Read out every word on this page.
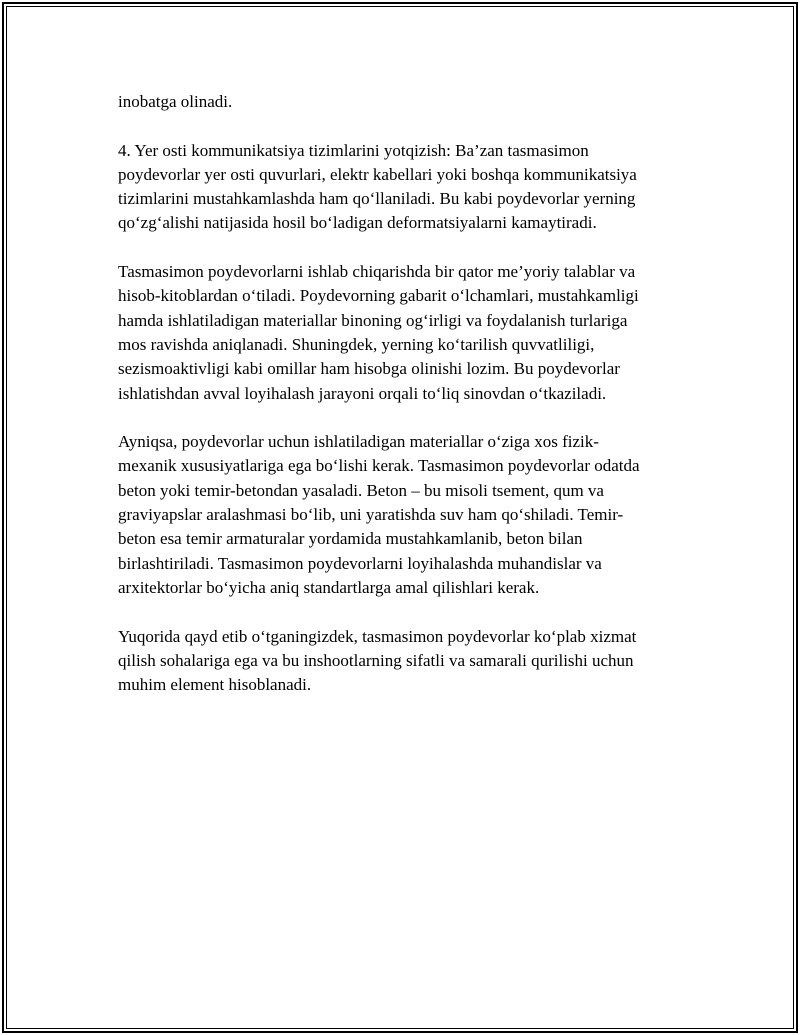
inobatga olinadi.

4. Yer osti kommunikatsiya tizimlarini yotqizish: Ba’zan tasmasimon
poydevorlar yer osti quvurlari, elektr kabellari yoki boshqa kommunikatsiya
tizimlarini mustahkamlashda ham qo‘llaniladi. Bu kabi poydevorlar yerning
qo‘zg‘alishi natijasida hosil bo‘ladigan deformatsiyalarni kamaytiradi.

Tasmasimon poydevorlarni ishlab chiqarishda bir qator me’yoriy talablar va
hisob-kitoblardan o‘tiladi. Poydevorning gabarit o‘lchamlari, mustahkamligi
hamda ishlatiladigan materiallar binoning og‘irligi va foydalanish turlariga
mos ravishda aniqlanadi. Shuningdek, yerning ko‘tarilish quvvatliligi,
sezismoaktivligi kabi omillar ham hisobga olinishi lozim. Bu poydevorlar
ishlatishdan avval loyihalash jarayoni orqali to‘liq sinovdan o‘tkaziladi.

Ayniqsa, poydevorlar uchun ishlatiladigan materiallar o‘ziga xos fizik-
mexanik xususiyatlariga ega bo‘lishi kerak. Tasmasimon poydevorlar odatda
beton yoki temir-betondan yasaladi. Beton – bu misoli tsement, qum va
graviyapslar aralashmasi bo‘lib, uni yaratishda suv ham qo‘shiladi. Temir-
beton esa temir armaturalar yordamida mustahkamlanib, beton bilan
birlashtiriladi. Tasmasimon poydevorlarni loyihalashda muhandislar va
arxitektorlar bo‘yicha aniq standartlarga amal qilishlari kerak.

Yuqorida qayd etib o‘tganingizdek, tasmasimon poydevorlar ko‘plab xizmat
qilish sohalariga ega va bu inshootlarning sifatli va samarali qurilishi uchun
muhim element hisoblanadi.
